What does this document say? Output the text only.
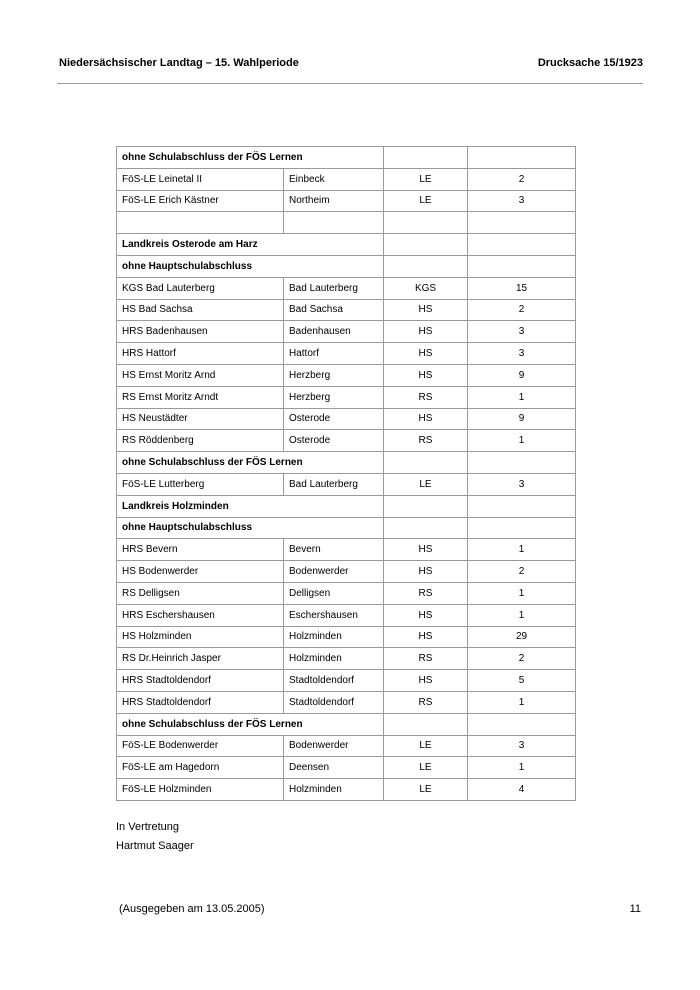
Niedersächsischer Landtag – 15. Wahlperiode	Drucksache 15/1923
ohne Schulabschluss der FÖS Lernen			
FöS-LE Leinetal II	Einbeck	LE	2
FöS-LE Erich Kästner	Northeim	LE	3

Landkreis Osterode am Harz			
ohne Hauptschulabschluss			
KGS Bad Lauterberg	Bad Lauterberg	KGS	15
HS Bad Sachsa	Bad Sachsa	HS	2
HRS Badenhausen	Badenhausen	HS	3
HRS Hattorf	Hattorf	HS	3
HS Ernst Moritz Arnd	Herzberg	HS	9
RS Ernst Moritz Arndt	Herzberg	RS	1
HS Neustädter	Osterode	HS	9
RS Röddenberg	Osterode	RS	1
ohne Schulabschluss der FÖS Lernen			
FöS-LE Lutterberg	Bad Lauterberg	LE	3
Landkreis Holzminden			
ohne Hauptschulabschluss			
HRS Bevern	Bevern	HS	1
HS Bodenwerder	Bodenwerder	HS	2
RS Delligsen	Delligsen	RS	1
HRS Eschershausen	Eschershausen	HS	1
HS Holzminden	Holzminden	HS	29
RS Dr.Heinrich Jasper	Holzminden	RS	2
HRS Stadtoldendorf	Stadtoldendorf	HS	5
HRS Stadtoldendorf	Stadtoldendorf	RS	1
ohne Schulabschluss der FÖS Lernen			
FöS-LE Bodenwerder	Bodenwerder	LE	3
FöS-LE am Hagedorn	Deensen	LE	1
FöS-LE Holzminden	Holzminden	LE	4
In Vertretung
Hartmut Saager
(Ausgegeben am 13.05.2005)	11
